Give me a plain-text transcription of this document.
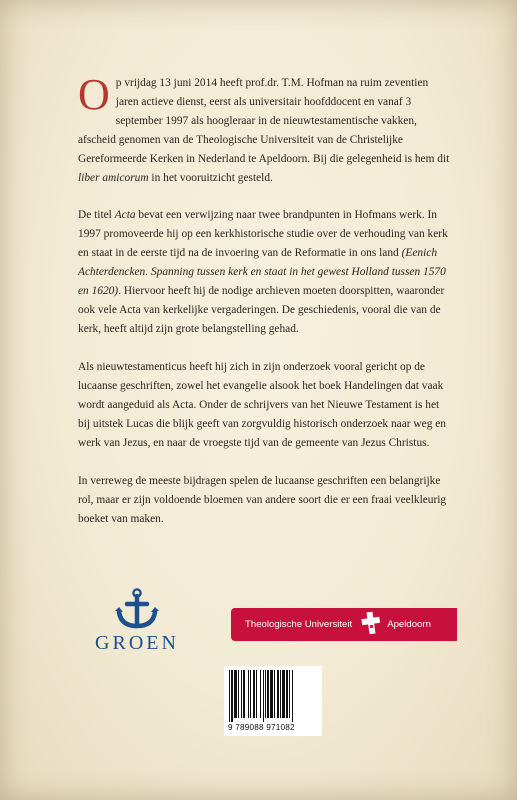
Op vrijdag 13 juni 2014 heeft prof.dr. T.M. Hofman na ruim zeventien jaren actieve dienst, eerst als universitair hoofddocent en vanaf 3 september 1997 als hoogleraar in de nieuwtestamentische vakken, afscheid genomen van de Theologische Universiteit van de Christelijke Gereformeerde Kerken in Nederland te Apeldoorn. Bij die gelegenheid is hem dit liber amicorum in het vooruitzicht gesteld.

De titel Acta bevat een verwijzing naar twee brandpunten in Hofmans werk. In 1997 promoveerde hij op een kerkhistorische studie over de verhouding van kerk en staat in de eerste tijd na de invoering van de Reformatie in ons land (Eenich Achterdencken. Spanning tussen kerk en staat in het gewest Holland tussen 1570 en 1620). Hiervoor heeft hij de nodige archieven moeten doorspitten, waaronder ook vele Acta van kerkelijke vergaderingen. De geschiedenis, vooral die van de kerk, heeft altijd zijn grote belangstelling gehad.

Als nieuwtestamenticus heeft hij zich in zijn onderzoek vooral gericht op de lucaanse geschriften, zowel het evangelie alsook het boek Handelingen dat vaak wordt aangeduid als Acta. Onder de schrijvers van het Nieuwe Testament is het bij uitstek Lucas die blijk geeft van zorgvuldig historisch onderzoek naar weg en werk van Jezus, en naar de vroegste tijd van de gemeente van Jezus Christus.

In verreweg de meeste bijdragen spelen de lucaanse geschriften een belangrijke rol, maar er zijn voldoende bloemen van andere soort die er een fraai veelkleurig boeket van maken.

GROEN
Theologische Universiteit	Apeldoorn
9 789088 971082
